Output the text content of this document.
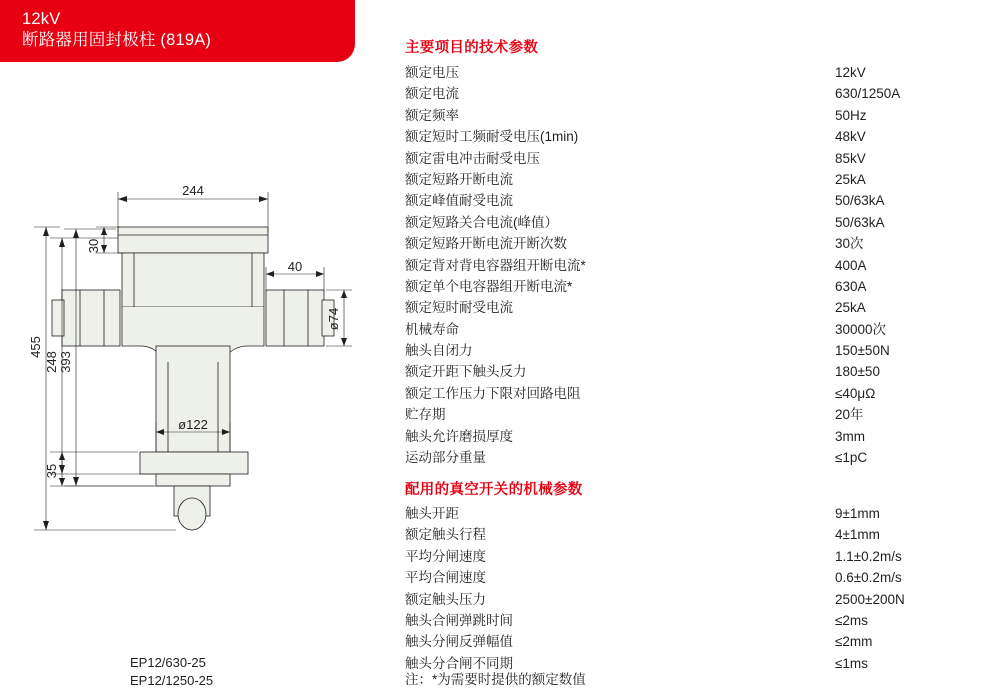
12kV
断路器用固封极柱 (819A)
244
455
393
248
35
30
40
ø74
ø122
EP12/630-25
EP12/1250-25
主要项目的技术参数
额定电压	12kV
额定电流	630/1250A
额定频率	50Hz
额定短时工频耐受电压(1min)	48kV
额定雷电冲击耐受电压	85kV
额定短路开断电流	25kA
额定峰值耐受电流	50/63kA
额定短路关合电流(峰值）	50/63kA
额定短路开断电流开断次数	30次
额定背对背电容器组开断电流*	400A
额定单个电容器组开断电流*	630A
额定短时耐受电流	25kA
机械寿命	30000次
触头自闭力	150±50N
额定开距下触头反力	180±50
额定工作压力下限对回路电阻	≤40μΩ
贮存期	20年
触头允许磨损厚度	3mm
运动部分重量	≤1pC
配用的真空开关的机械参数
触头开距	9±1mm
额定触头行程	4±1mm
平均分闸速度	1.1±0.2m/s
平均合闸速度	0.6±0.2m/s
额定触头压力	2500±200N
触头合闸弹跳时间	≤2ms
触头分闸反弹幅值	≤2mm
触头分合闸不同期	≤1ms
注：*为需要时提供的额定数值
